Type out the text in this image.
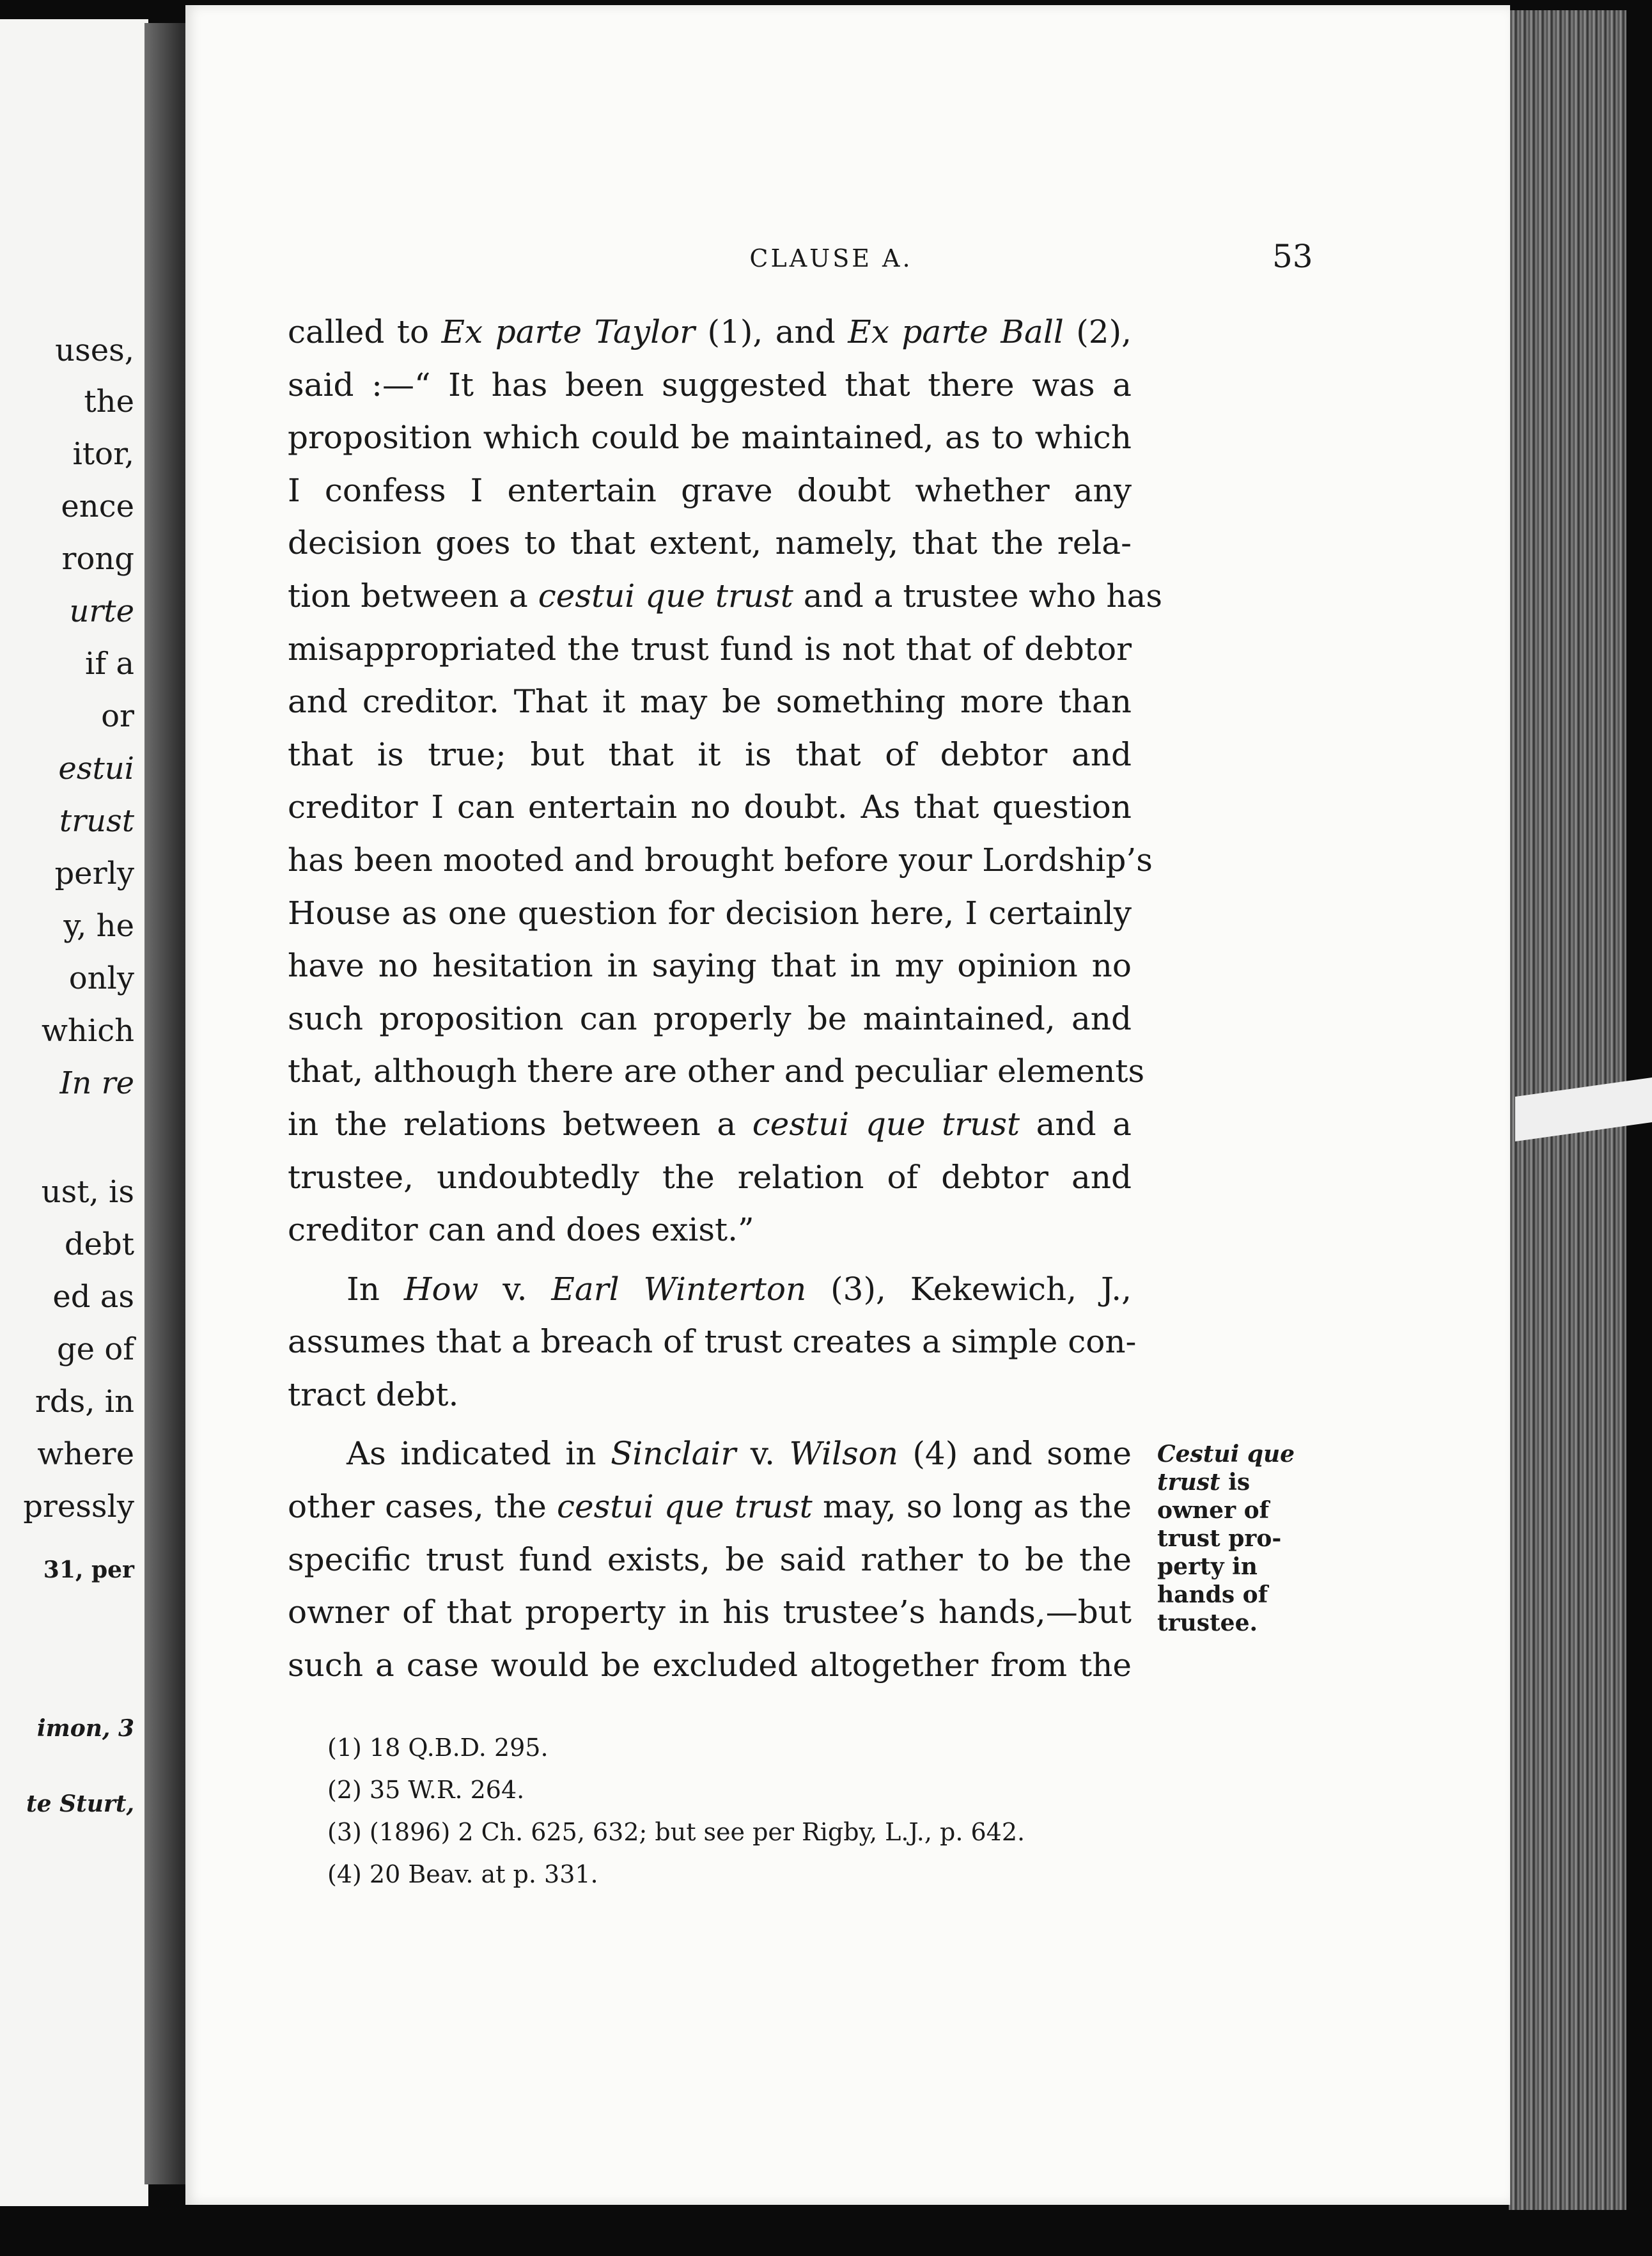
uses,
the
itor,
ence
rong
urte
if a
or
estui
trust
perly
y, he
only
which
In re
ust, is
debt
ed as
ge of
rds, in
where
pressly
31, per
imon, 3
te Sturt,
CLAUSE A.	53
called to Ex parte Taylor (1), and Ex parte Ball (2),
said :—“ It has been suggested that there was a
proposition which could be maintained, as to which
I confess I entertain grave doubt whether any
decision goes to that extent, namely, that the rela-
tion between a cestui que trust and a trustee who has
misappropriated the trust fund is not that of debtor
and creditor. That it may be something more than
that is true; but that it is that of debtor and
creditor I can entertain no doubt. As that question
has been mooted and brought before your Lordship’s
House as one question for decision here, I certainly
have no hesitation in saying that in my opinion no
such proposition can properly be maintained, and
that, although there are other and peculiar elements
in the relations between a cestui que trust and a
trustee, undoubtedly the relation of debtor and
creditor can and does exist.”
In How v. Earl Winterton (3), Kekewich, J.,
assumes that a breach of trust creates a simple con-
tract debt.
As indicated in Sinclair v. Wilson (4) and some
other cases, the cestui que trust may, so long as the
specific trust fund exists, be said rather to be the
owner of that property in his trustee’s hands,—but
such a case would be excluded altogether from the
Cestui que
trust is
owner of
trust pro-
perty in
hands of
trustee.
(1) 18 Q.B.D. 295.
(2) 35 W.R. 264.
(3) (1896) 2 Ch. 625, 632; but see per Rigby, L.J., p. 642.
(4) 20 Beav. at p. 331.
